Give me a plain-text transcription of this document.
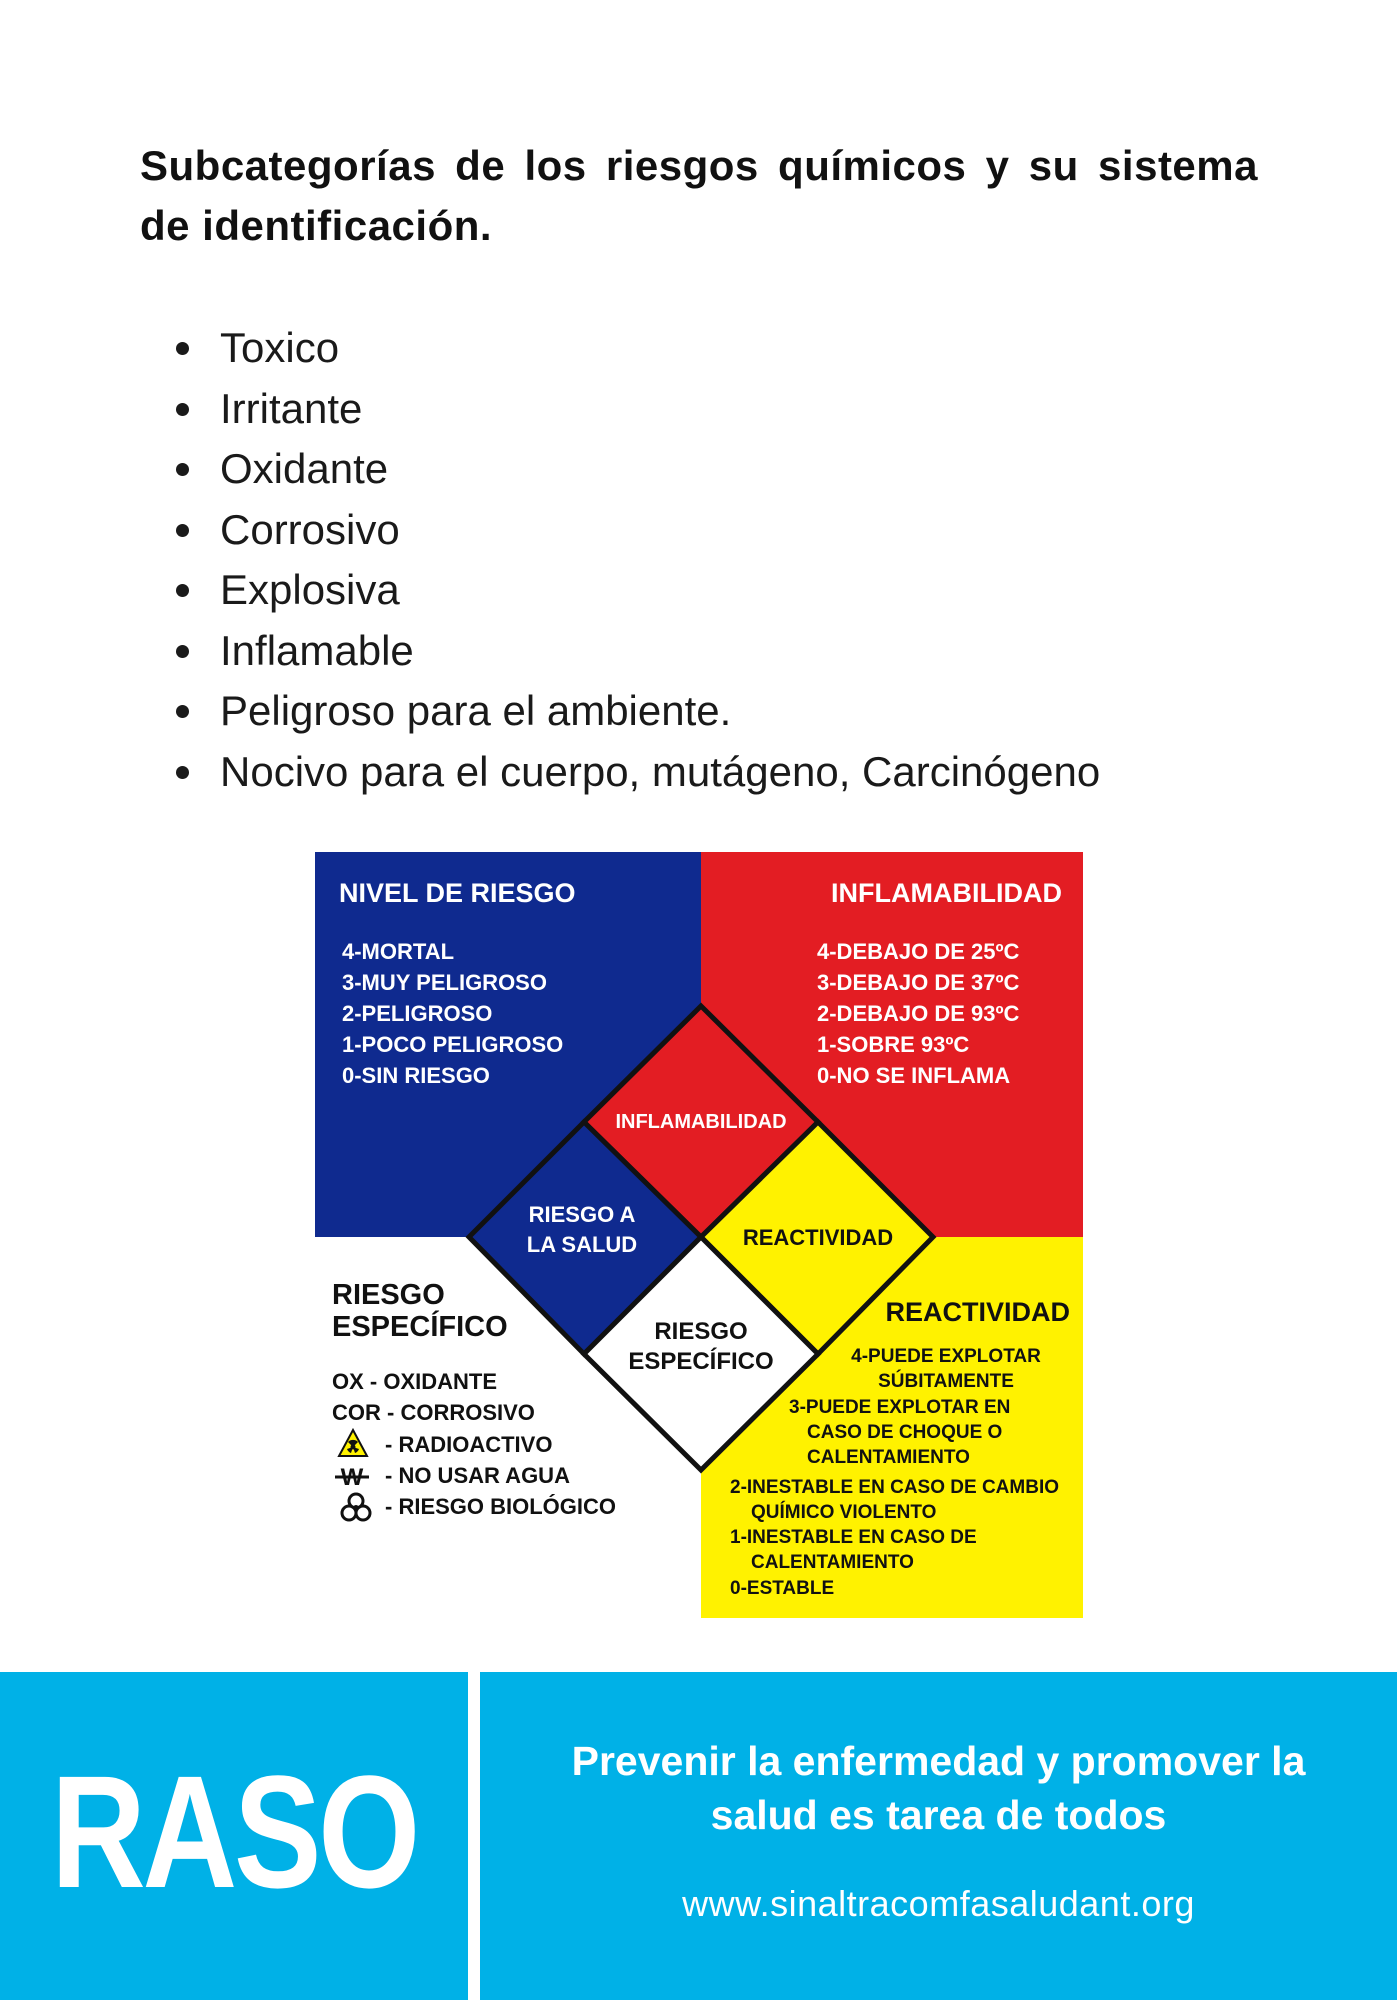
Subcategorías de los riesgos químicos y su sistema de identificación.
Toxico
Irritante
Oxidante
Corrosivo
Explosiva
Inflamable
Peligroso para el ambiente.
Nocivo para el cuerpo, mutágeno, Carcinógeno
NIVEL DE RIESGO
4-MORTAL
3-MUY PELIGROSO
2-PELIGROSO
1-POCO PELIGROSO
0-SIN RIESGO
INFLAMABILIDAD
4-DEBAJO DE 25ºC
3-DEBAJO DE 37ºC
2-DEBAJO DE 93ºC
1-SOBRE 93ºC
0-NO SE INFLAMA
RIESGO
ESPECÍFICO
OX - OXIDANTE
COR - CORROSIVO
- RADIOACTIVO
W - NO USAR AGUA
- RIESGO BIOLÓGICO
REACTIVIDAD
4-PUEDE EXPLOTAR
SÚBITAMENTE
3-PUEDE EXPLOTAR EN
CASO DE CHOQUE O
CALENTAMIENTO
2-INESTABLE EN CASO DE CAMBIO
QUÍMICO VIOLENTO
1-INESTABLE EN CASO DE
CALENTAMIENTO
0-ESTABLE
INFLAMABILIDAD
RIESGO A
LA SALUD	REACTIVIDAD
RIESGO
ESPECÍFICO
RASO	Prevenir la enfermedad y promover la
salud es tarea de todos
www.sinaltracomfasaludant.org
